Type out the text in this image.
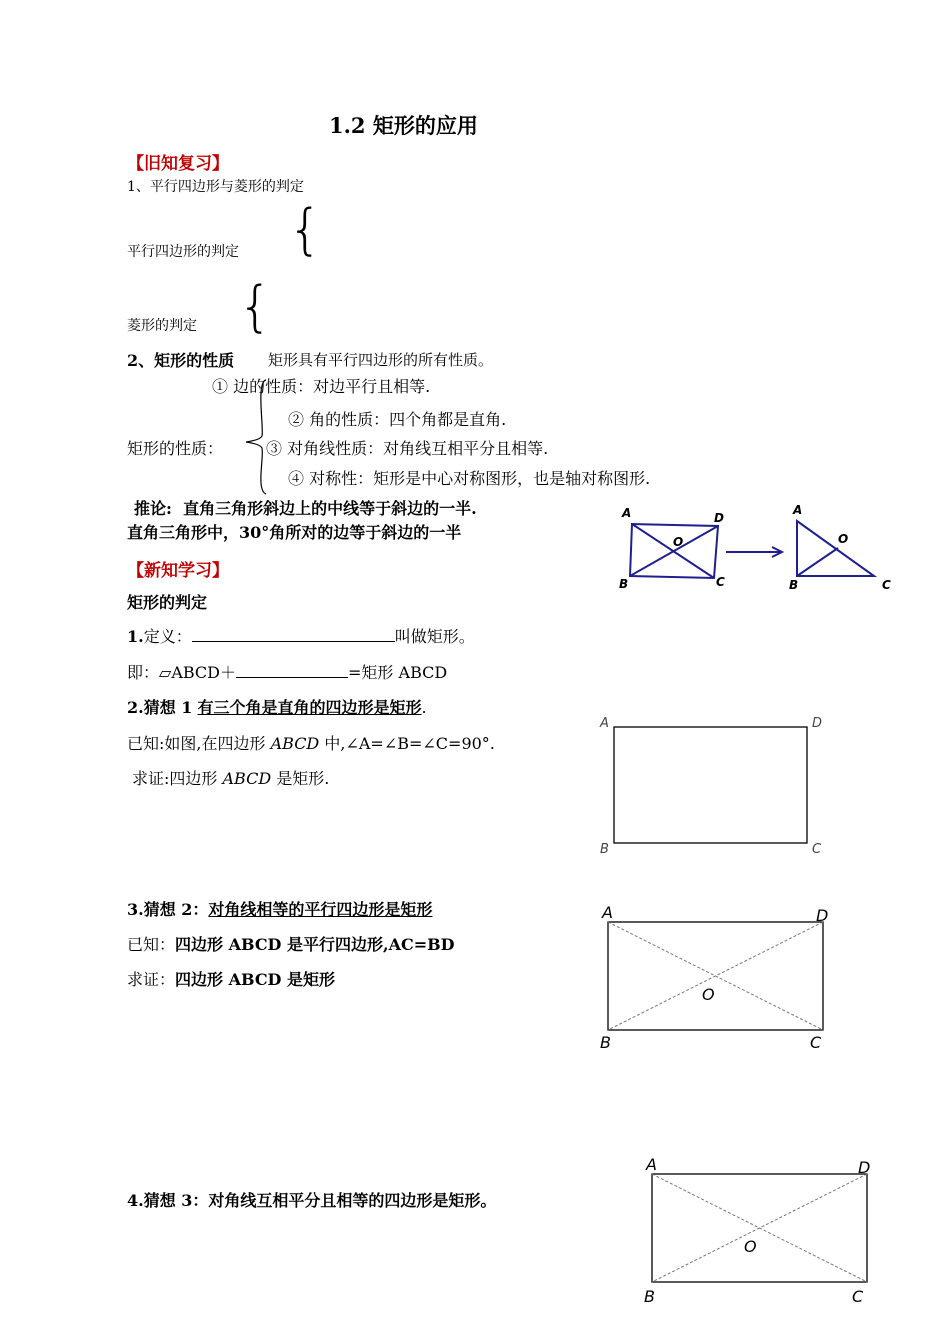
1.2 矩形的应用
【旧知复习】
1、平行四边形与菱形的判定
平行四边形的判定 {
菱形的判定 {
2、矩形的性质 矩形具有平行四边形的所有性质。
① 边的性质：对边平行且相等.
② 角的性质：四个角都是直角.
矩形的性质：	③ 对角线性质：对角线互相平分且相等.
④ 对称性：矩形是中心对称图形，也是轴对称图形.
推论: 直角三角形斜边上的中线等于斜边的一半.
直角三角形中，30°角所对的边等于斜边的一半
A	D
O
B	C
A
O
B	C
【新知学习】
矩形的判定
1.定义：	叫做矩形。
即：▱ABCD＋	=矩形 ABCD
2.猜想 1 有三个角是直角的四边形是矩形.
已知:如图,在四边形 ABCD 中,∠A=∠B=∠C=90°.
求证:四边形 ABCD 是矩形.
A	D
B	C
3.猜想 2：对角线相等的平行四边形是矩形
已知：四边形 ABCD 是平行四边形,AC=BD
求证：四边形 ABCD 是矩形
A	D
O
B	C
4.猜想 3：对角线互相平分且相等的四边形是矩形。
A	D
O
B	C
